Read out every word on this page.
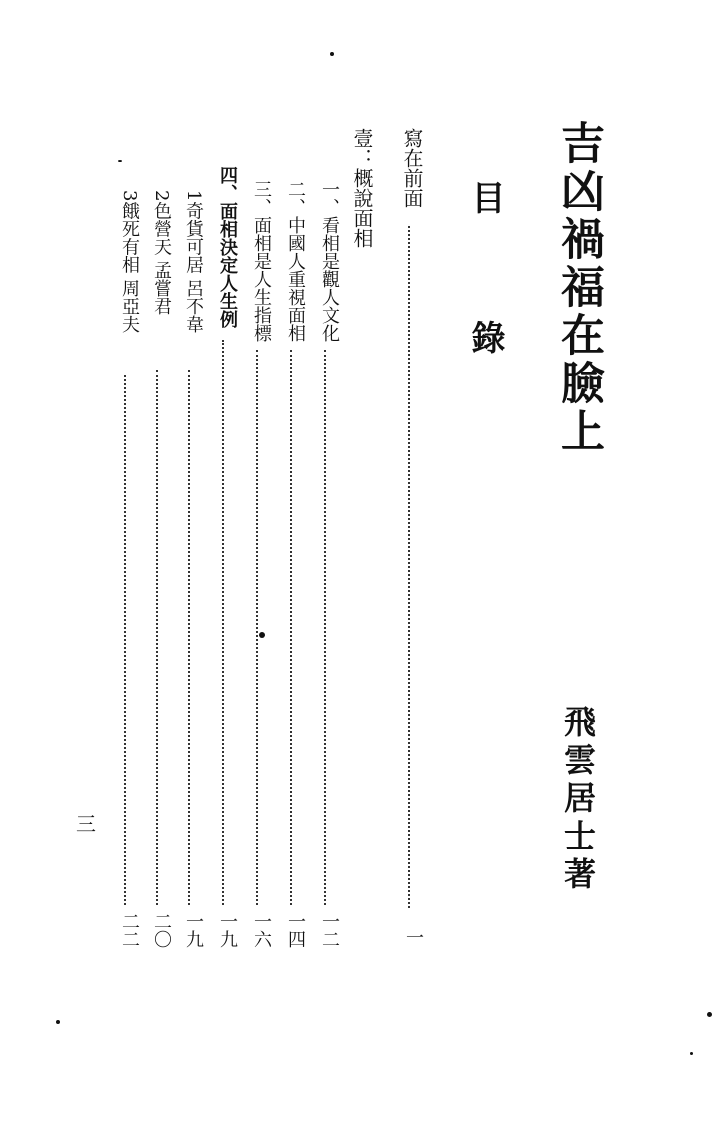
吉凶禍福在臉上
目
錄
飛雲居士著
三
寫在前面
一
壹：概說面相
一、看相是觀人文化
一二
二、中國人重視面相
一四
三、面相是人生指標
一六
四、面相決定人生例
一九
1奇貨可居 呂不韋
一九
2色營天 孟嘗君
二〇
3餓死有相 周亞夫
二二
